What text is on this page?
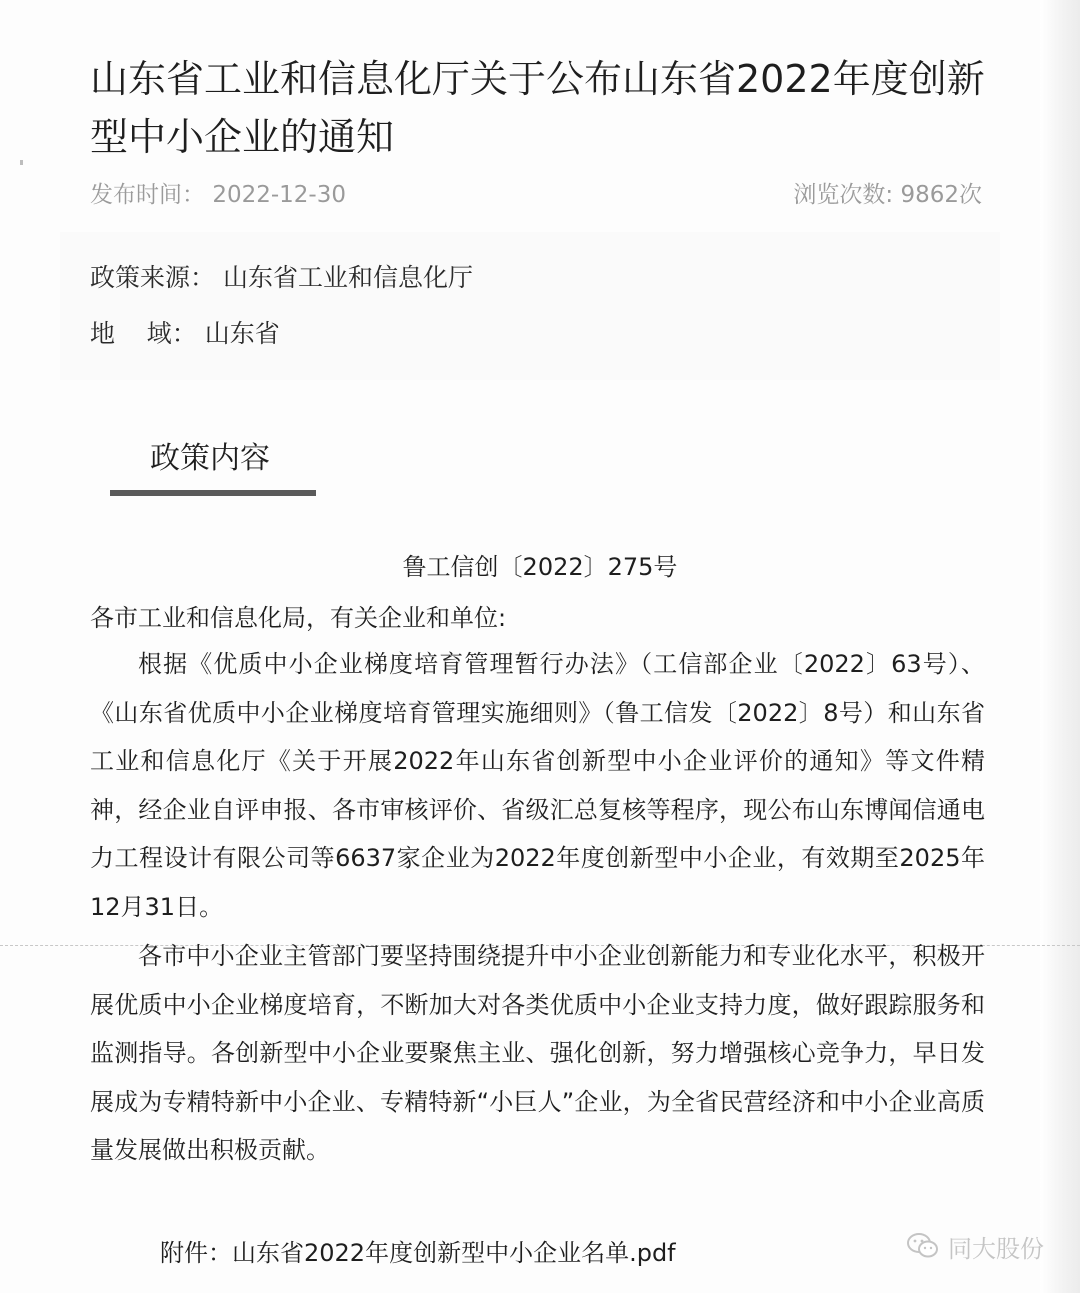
山东省工业和信息化厅关于公布山东省2022年度创新型中小企业的通知
发布时间： 2022-12-30	浏览次数: 9862次
政策来源： 山东省工业和信息化厅
地    域： 山东省
政策内容
鲁工信创〔2022〕275号
各市工业和信息化局，有关企业和单位:

根据《优质中小企业梯度培育管理暂行办法》（工信部企业〔2022〕63号）、《山东省优质中小企业梯度培育管理实施细则》（鲁工信发〔2022〕8号）和山东省工业和信息化厅《关于开展2022年山东省创新型中小企业评价的通知》等文件精神，经企业自评申报、各市审核评价、省级汇总复核等程序，现公布山东博闻信通电力工程设计有限公司等6637家企业为2022年度创新型中小企业，有效期至2025年12月31日。

各市中小企业主管部门要坚持围绕提升中小企业创新能力和专业化水平，积极开展优质中小企业梯度培育，不断加大对各类优质中小企业支持力度，做好跟踪服务和监测指导。各创新型中小企业要聚焦主业、强化创新，努力增强核心竞争力，早日发展成为专精特新中小企业、专精特新“小巨人”企业，为全省民营经济和中小企业高质量发展做出积极贡献。

附件：山东省2022年度创新型中小企业名单.pdf	同大股份
